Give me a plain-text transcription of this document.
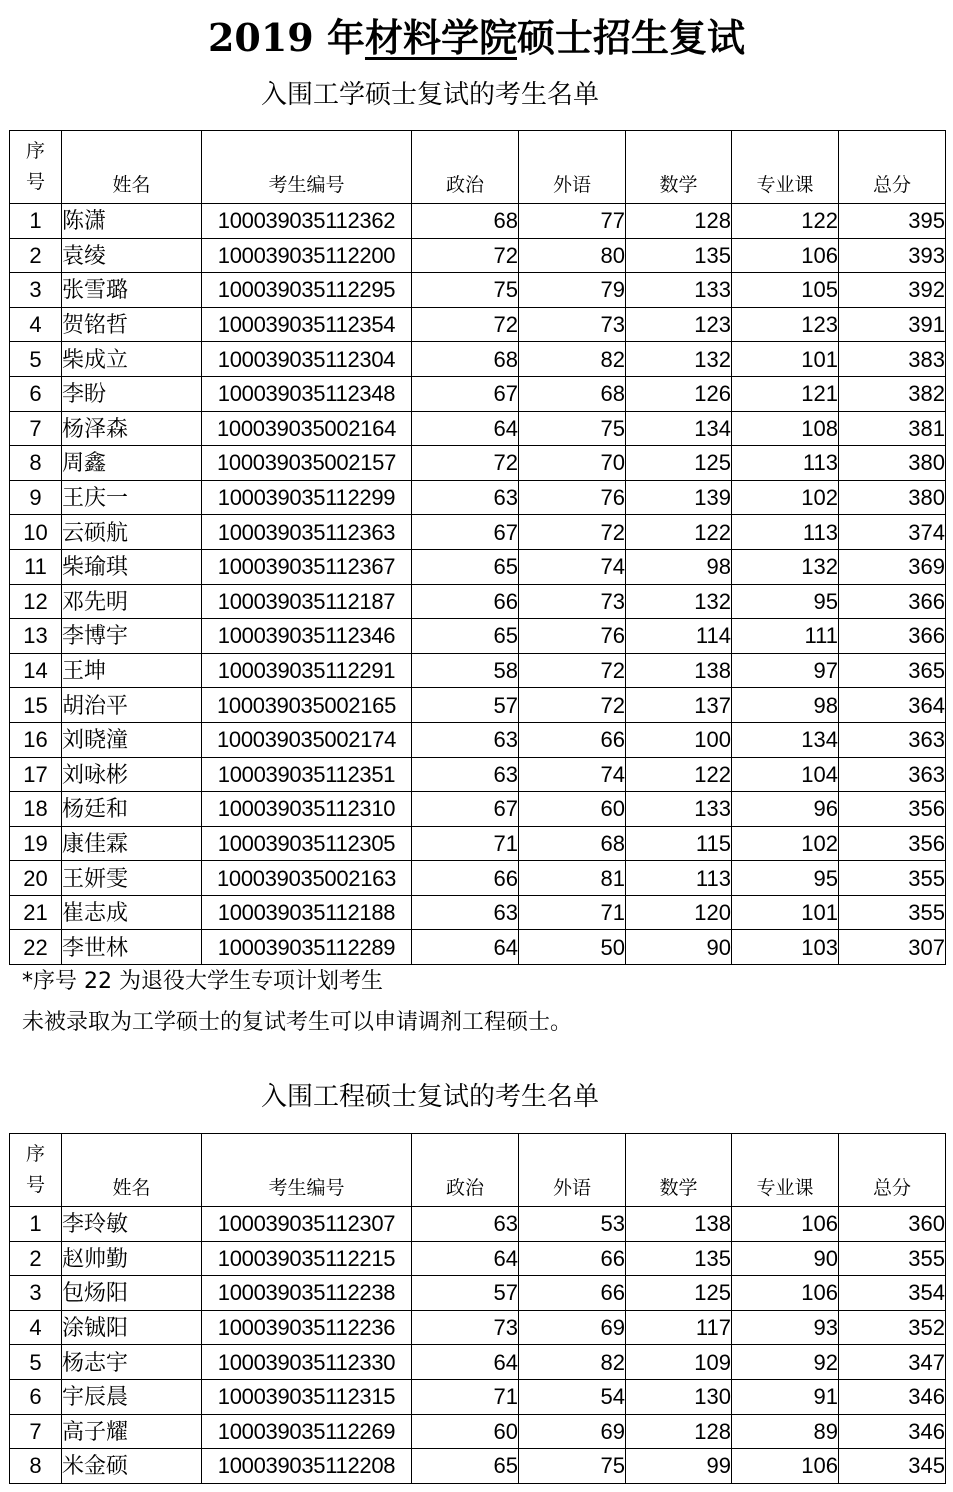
2019 年材料学院硕士招生复试
入围工学硕士复试的考生名单
序
号	姓名	考生编号	政治	外语	数学	专业课	总分
1	陈潇	100039035112362	68	77	128	122	395
2	袁绫	100039035112200	72	80	135	106	393
3	张雪璐	100039035112295	75	79	133	105	392
4	贺铭哲	100039035112354	72	73	123	123	391
5	柴成立	100039035112304	68	82	132	101	383
6	李盼	100039035112348	67	68	126	121	382
7	杨泽森	100039035002164	64	75	134	108	381
8	周鑫	100039035002157	72	70	125	113	380
9	王庆一	100039035112299	63	76	139	102	380
10	云硕航	100039035112363	67	72	122	113	374
11	柴瑜琪	100039035112367	65	74	98	132	369
12	邓先明	100039035112187	66	73	132	95	366
13	李博宇	100039035112346	65	76	114	111	366
14	王坤	100039035112291	58	72	138	97	365
15	胡治平	100039035002165	57	72	137	98	364
16	刘晓潼	100039035002174	63	66	100	134	363
17	刘咏彬	100039035112351	63	74	122	104	363
18	杨廷和	100039035112310	67	60	133	96	356
19	康佳霖	100039035112305	71	68	115	102	356
20	王妍雯	100039035002163	66	81	113	95	355
21	崔志成	100039035112188	63	71	120	101	355
22	李世林	100039035112289	64	50	90	103	307
*序号 22 为退役大学生专项计划考生
未被录取为工学硕士的复试考生可以申请调剂工程硕士。
入围工程硕士复试的考生名单
序
号	姓名	考生编号	政治	外语	数学	专业课	总分
1	李玲敏	100039035112307	63	53	138	106	360
2	赵帅勤	100039035112215	64	66	135	90	355
3	包炀阳	100039035112238	57	66	125	106	354
4	涂铖阳	100039035112236	73	69	117	93	352
5	杨志宇	100039035112330	64	82	109	92	347
6	宇辰晨	100039035112315	71	54	130	91	346
7	高子耀	100039035112269	60	69	128	89	346
8	米金硕	100039035112208	65	75	99	106	345
